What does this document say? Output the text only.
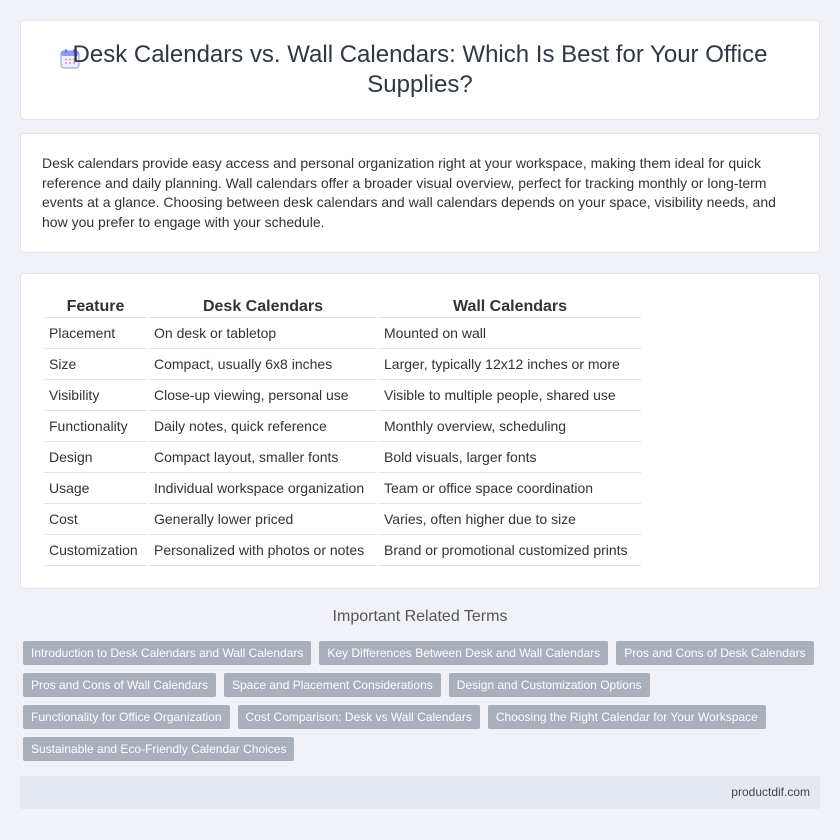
Desk Calendars vs. Wall Calendars: Which Is Best for Your Office Supplies?

Desk calendars provide easy access and personal organization right at your workspace, making them ideal for quick reference and daily planning. Wall calendars offer a broader visual overview, perfect for tracking monthly or long-term events at a glance. Choosing between desk calendars and wall calendars depends on your space, visibility needs, and how you prefer to engage with your schedule.

Feature	Desk Calendars	Wall Calendars
Placement	On desk or tabletop	Mounted on wall
Size	Compact, usually 6x8 inches	Larger, typically 12x12 inches or more
Visibility	Close-up viewing, personal use	Visible to multiple people, shared use
Functionality	Daily notes, quick reference	Monthly overview, scheduling
Design	Compact layout, smaller fonts	Bold visuals, larger fonts
Usage	Individual workspace organization	Team or office space coordination
Cost	Generally lower priced	Varies, often higher due to size
Customization	Personalized with photos or notes	Brand or promotional customized prints
Important Related Terms
Introduction to Desk Calendars and Wall Calendars	Key Differences Between Desk and Wall Calendars	Pros and Cons of Desk Calendars
Pros and Cons of Wall Calendars	Space and Placement Considerations	Design and Customization Options
Functionality for Office Organization	Cost Comparison: Desk vs Wall Calendars	Choosing the Right Calendar for Your Workspace
Sustainable and Eco-Friendly Calendar Choices
productdif.com
